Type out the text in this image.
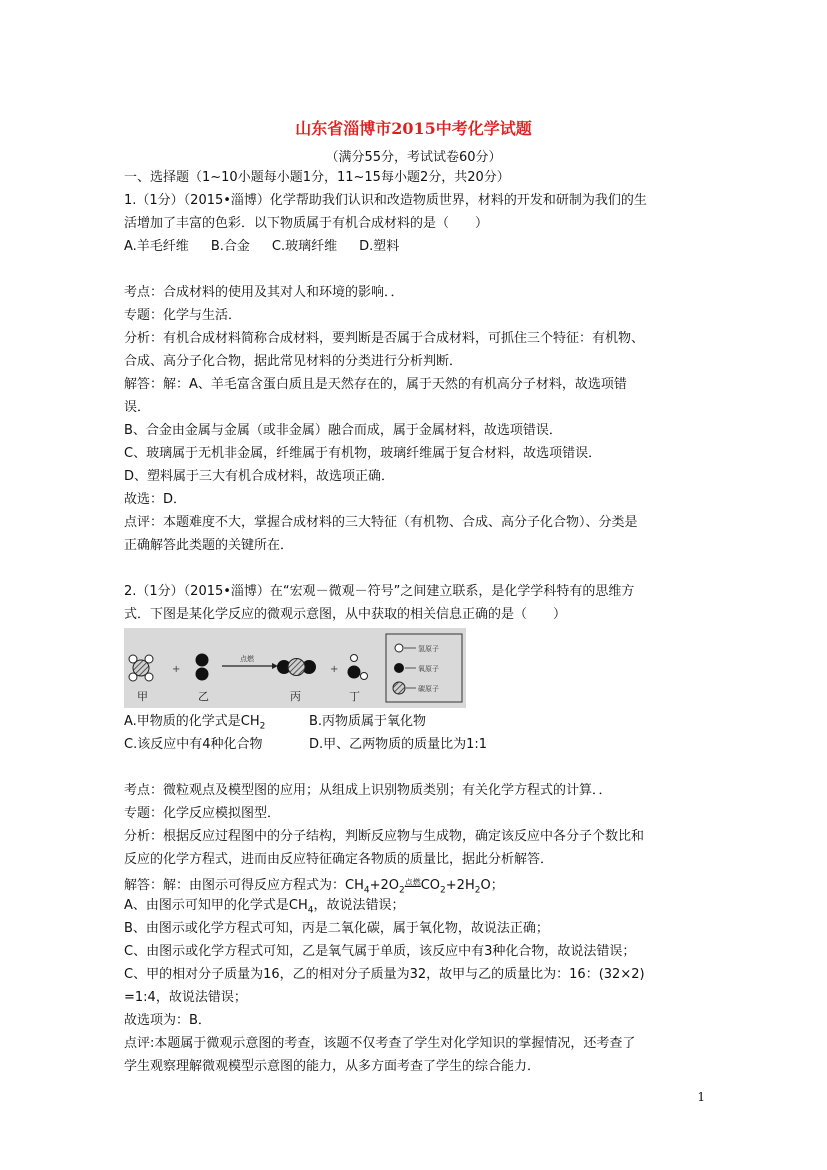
山东省淄博市2015中考化学试题
（满分55分，考试试卷60分）
一、选择题（1~10小题每小题1分，11~15每小题2分，共20分）
1.（1分）（2015•淄博）化学帮助我们认识和改造物质世界，材料的开发和研制为我们的生
活增加了丰富的色彩．以下物质属于有机合成材料的是（　　）
A.羊毛纤维 B.合金 C.玻璃纤维 D.塑料
考点：合成材料的使用及其对人和环境的影响．．
专题：化学与生活．
分析：有机合成材料简称合成材料，要判断是否属于合成材料，可抓住三个特征：有机物、
合成、高分子化合物，据此常见材料的分类进行分析判断．
解答：解：A、羊毛富含蛋白质且是天然存在的，属于天然的有机高分子材料，故选项错
误．
B、合金由金属与金属（或非金属）融合而成，属于金属材料，故选项错误．
C、玻璃属于无机非金属，纤维属于有机物，玻璃纤维属于复合材料，故选项错误．
D、塑料属于三大有机合成材料，故选项正确．
故选：D．
点评：本题难度不大，掌握合成材料的三大特征（有机物、合成、高分子化合物）、分类是
正确解答此类题的关键所在．
2.（1分）（2015•淄博）在“宏观－微观－符号”之间建立联系，是化学学科特有的思维方
式．下图是某化学反应的微观示意图，从中获取的相关信息正确的是（　　）
甲
+
乙
点燃
丙
+
丁
氢原子
氧原子
碳原子
A.甲物质的化学式是$CH_2$	B.丙物质属于氧化物
C.该反应中有4种化合物	D.甲、乙两物质的质量比为1:1
考点：微粒观点及模型图的应用；从组成上识别物质类别；有关化学方程式的计算．．
专题：化学反应模拟图型．
分析：根据反应过程图中的分子结构，判断反应物与生成物，确定该反应中各分子个数比和
反应的化学方程式，进而由反应特征确定各物质的质量比，据此分析解答．
解答：解：由图示可得反应方程式为：$CH_4+2O_2^{点燃}CO_2+2H_2O$；
A、由图示可知甲的化学式是$CH_4$，故说法错误；
B、由图示或化学方程式可知，丙是二氧化碳，属于氧化物，故说法正确；
C、由图示或化学方程式可知，乙是氧气属于单质，该反应中有3种化合物，故说法错误；
C、甲的相对分子质量为16，乙的相对分子质量为32，故甲与乙的质量比为：16：(32×2)
=1:4，故说法错误；
故选项为：B．
点评:本题属于微观示意图的考查，该题不仅考查了学生对化学知识的掌握情况，还考查了
学生观察理解微观模型示意图的能力，从多方面考查了学生的综合能力．
1
